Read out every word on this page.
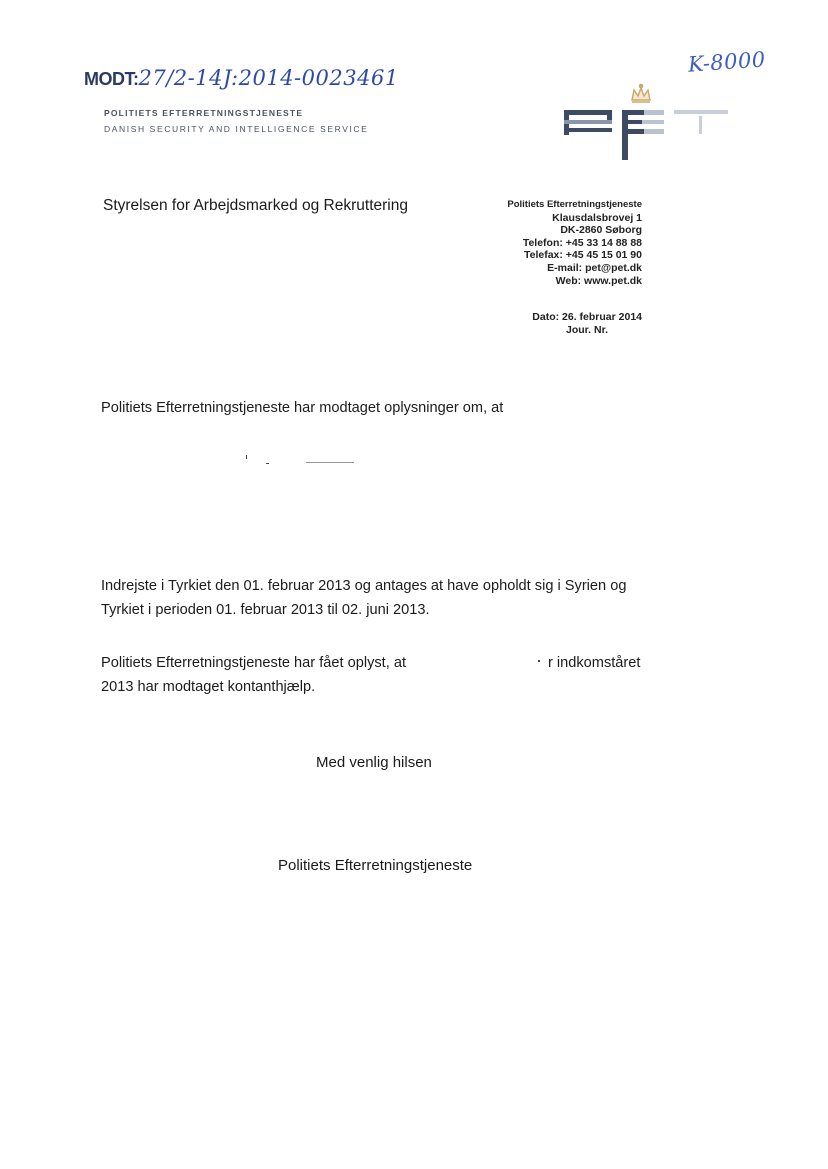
MODT:27/2-14J:2014-0023461
K-8000
POLITIETS EFTERRETNINGSTJENESTE
DANISH SECURITY AND INTELLIGENCE SERVICE
Styrelsen for Arbejdsmarked og Rekruttering	Politiets Efterretningstjeneste
Klausdalsbrovej 1
DK-2860 Søborg
Telefon: +45 33 14 88 88
Telefax: +45 45 15 01 90
E-mail: pet@pet.dk
Web: www.pet.dk
Dato: 26. februar 2014
Jour. Nr.
Politiets Efterretningstjeneste har modtaget oplysninger om, at
Indrejste i Tyrkiet den 01. februar 2013 og antages at have opholdt sig i Syrien og Tyrkiet i perioden 01. februar 2013 til 02. juni 2013.
Politiets Efterretningstjeneste har fået oplyst, at
2013 har modtaget kontanthjælp.
r indkomståret
Med venlig hilsen
Politiets Efterretningstjeneste
